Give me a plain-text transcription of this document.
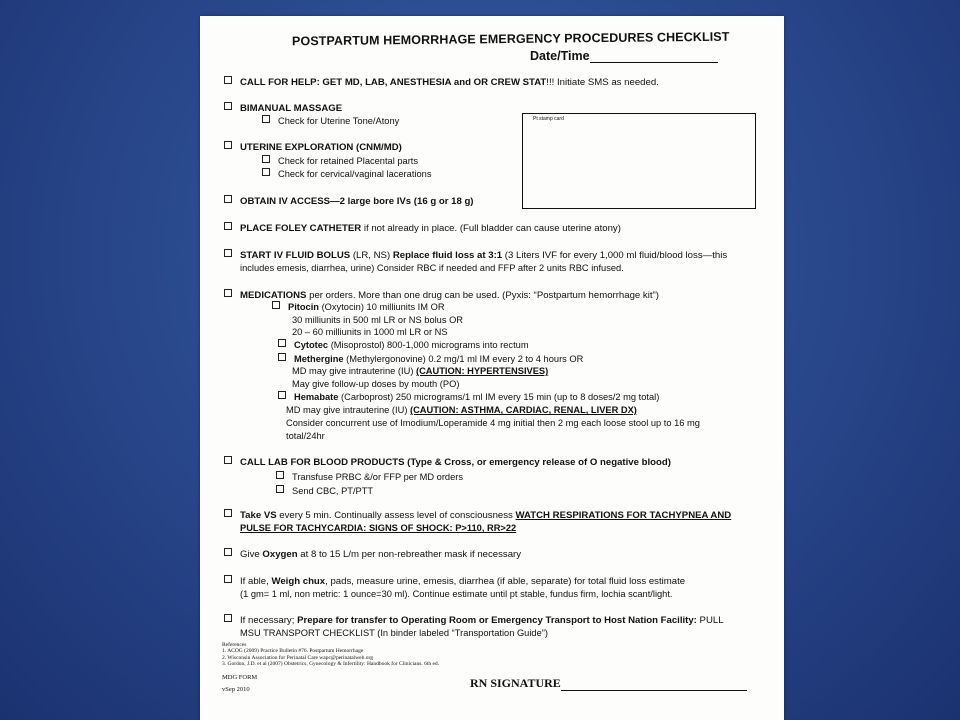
POSTPARTUM HEMORRHAGE EMERGENCY PROCEDURES CHECKLIST
Date/Time
Pt stamp card
CALL FOR HELP: GET MD, LAB, ANESTHESIA and OR CREW STAT!!! Initiate SMS as needed.
BIMANUAL MASSAGE
Check for Uterine Tone/Atony
UTERINE EXPLORATION (CNM/MD)
Check for retained Placental parts
Check for cervical/vaginal lacerations
OBTAIN IV ACCESS—2 large bore IVs (16 g or 18 g)
PLACE FOLEY CATHETER if not already in place. (Full bladder can cause uterine atony)
START IV FLUID BOLUS (LR, NS) Replace fluid loss at 3:1 (3 Liters IVF for every 1,000 ml fluid/blood loss—this
includes emesis, diarrhea, urine) Consider RBC if needed and FFP after 2 units RBC infused.
MEDICATIONS per orders. More than one drug can be used. (Pyxis: “Postpartum hemorrhage kit”)
Pitocin (Oxytocin) 10 milliunits IM OR
30 milliunits in 500 ml LR or NS bolus OR
20 – 60 milliunits in 1000 ml LR or NS
Cytotec (Misoprostol) 800-1,000 micrograms into rectum
Methergine (Methylergonovine) 0.2 mg/1 ml IM every 2 to 4 hours OR
MD may give intrauterine (IU) (CAUTION: HYPERTENSIVES)
May give follow-up doses by mouth (PO)
Hemabate (Carboprost) 250 micrograms/1 ml IM every 15 min (up to 8 doses/2 mg total)
MD may give intrauterine (IU) (CAUTION: ASTHMA, CARDIAC, RENAL, LIVER DX)
Consider concurrent use of Imodium/Loperamide 4 mg initial then 2 mg each loose stool up to 16 mg
total/24hr
CALL LAB FOR BLOOD PRODUCTS (Type & Cross, or emergency release of O negative blood)
Transfuse PRBC &/or FFP per MD orders
Send CBC, PT/PTT
Take VS every 5 min. Continually assess level of consciousness WATCH RESPIRATIONS FOR TACHYPNEA AND
PULSE FOR TACHYCARDIA: SIGNS OF SHOCK: P>110, RR>22
Give Oxygen at 8 to 15 L/m per non-rebreather mask if necessary
If able, Weigh chux, pads, measure urine, emesis, diarrhea (if able, separate) for total fluid loss estimate
(1 gm= 1 ml, non metric: 1 ounce=30 ml). Continue estimate until pt stable, fundus firm, lochia scant/light.
If necessary; Prepare for transfer to Operating Room or Emergency Transport to Host Nation Facility: PULL
MSU TRANSPORT CHECKLIST (In binder labeled “Transportation Guide”)
References
1. ACOG (2009) Practice Bulletin #76. Postpartum Hemorrhage
2. Wisconsin Association for Perinatal Care wapc@perinatalweb.org
3. Gordon, J.D. et al (2007) Obstetrics, Gynecology & Infertility: Handbook for Clinicians. 6th ed.
MDG FORM
vSep 2010	RN SIGNATURE
